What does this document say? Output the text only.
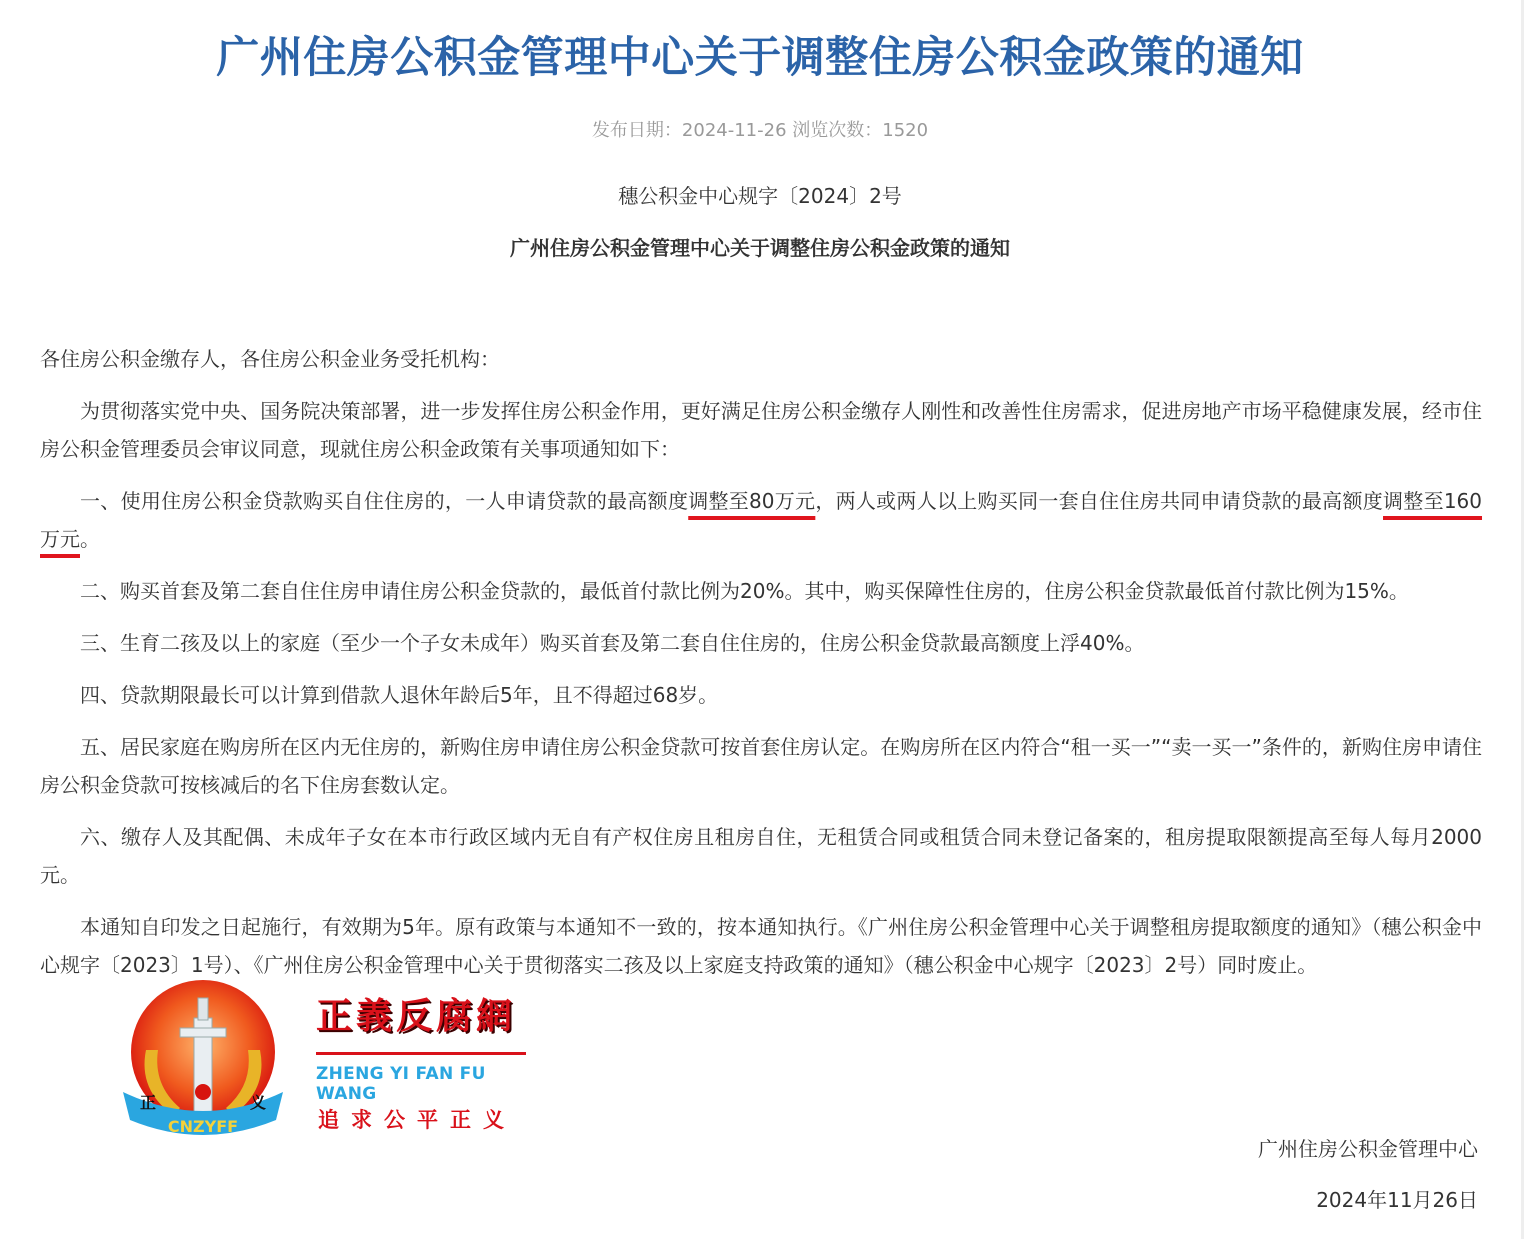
广州住房公积金管理中心关于调整住房公积金政策的通知
发布日期：2024-11-26 浏览次数：1520
穗公积金中心规字〔2024〕2号
广州住房公积金管理中心关于调整住房公积金政策的通知

各住房公积金缴存人，各住房公积金业务受托机构：

为贯彻落实党中央、国务院决策部署，进一步发挥住房公积金作用，更好满足住房公积金缴存人刚性和改善性住房需求，促进房地产市场平稳健康发展，经市住房公积金管理委员会审议同意，现就住房公积金政策有关事项通知如下：

一、使用住房公积金贷款购买自住住房的，一人申请贷款的最高额度调整至80万元，两人或两人以上购买同一套自住住房共同申请贷款的最高额度调整至160万元。

二、购买首套及第二套自住住房申请住房公积金贷款的，最低首付款比例为20%。其中，购买保障性住房的，住房公积金贷款最低首付款比例为15%。

三、生育二孩及以上的家庭（至少一个子女未成年）购买首套及第二套自住住房的，住房公积金贷款最高额度上浮40%。

四、贷款期限最长可以计算到借款人退休年龄后5年，且不得超过68岁。

五、居民家庭在购房所在区内无住房的，新购住房申请住房公积金贷款可按首套住房认定。在购房所在区内符合“租一买一”“卖一买一”条件的，新购住房申请住房公积金贷款可按核减后的名下住房套数认定。

六、缴存人及其配偶、未成年子女在本市行政区域内无自有产权住房且租房自住，无租赁合同或租赁合同未登记备案的，租房提取限额提高至每人每月2000元。

本通知自印发之日起施行，有效期为5年。原有政策与本通知不一致的，按本通知执行。《广州住房公积金管理中心关于调整租房提取额度的通知》（穗公积金中心规字〔2023〕1号）、《广州住房公积金管理中心关于贯彻落实二孩及以上家庭支持政策的通知》（穗公积金中心规字〔2023〕2号）同时废止。

广州住房公积金管理中心
2024年11月26日
CNZYFF
正	义
正義反腐網
ZHENG YI FAN FU WANG
追求公平正义
